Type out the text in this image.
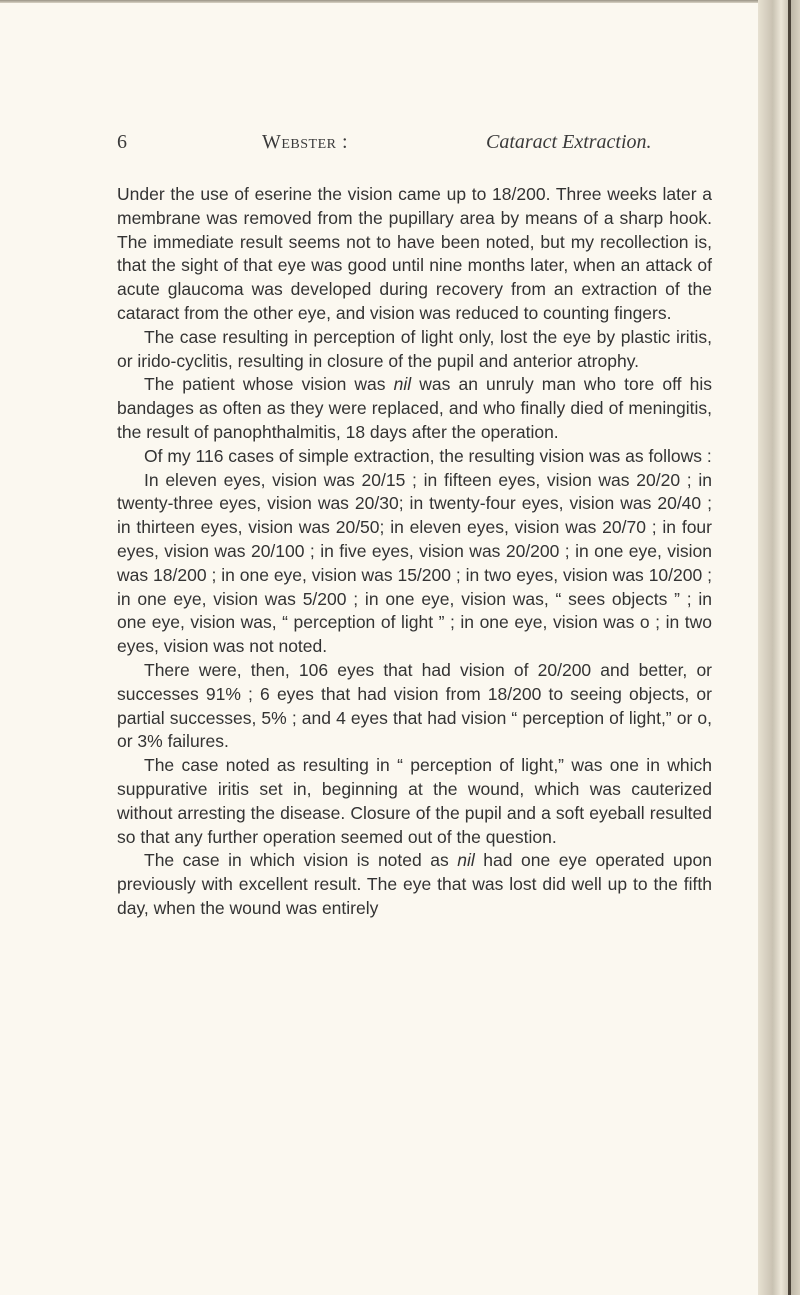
6	Webster :	Cataract Extraction.

Under the use of eserine the vision came up to 18/200. Three weeks later a membrane was removed from the pupillary area by means of a sharp hook. The immediate result seems not to have been noted, but my recollection is, that the sight of that eye was good until nine months later, when an attack of acute glaucoma was developed during recovery from an extraction of the cataract from the other eye, and vision was reduced to counting fingers.

The case resulting in perception of light only, lost the eye by plastic iritis, or irido-cyclitis, resulting in closure of the pupil and anterior atrophy.

The patient whose vision was nil was an unruly man who tore off his bandages as often as they were replaced, and who finally died of meningitis, the result of panophthalmitis, 18 days after the operation.

Of my 116 cases of simple extraction, the resulting vision was as follows :

In eleven eyes, vision was 20/15 ; in fifteen eyes, vision was 20/20 ; in twenty-three eyes, vision was 20/30; in twenty-four eyes, vision was 20/40 ; in thirteen eyes, vision was 20/50; in eleven eyes, vision was 20/70 ; in four eyes, vision was 20/100 ; in five eyes, vision was 20/200 ; in one eye, vision was 18/200 ; in one eye, vision was 15/200 ; in two eyes, vision was 10/200 ; in one eye, vision was 5/200 ; in one eye, vision was, “ sees objects ” ; in one eye, vision was, “ perception of light ” ; in one eye, vision was o ; in two eyes, vision was not noted.

There were, then, 106 eyes that had vision of 20/200 and better, or successes 91% ; 6 eyes that had vision from 18/200 to seeing objects, or partial successes, 5% ; and 4 eyes that had vision “ perception of light,” or o, or 3% failures.

The case noted as resulting in “ perception of light,” was one in which suppurative iritis set in, beginning at the wound, which was cauterized without arresting the disease. Closure of the pupil and a soft eyeball resulted so that any further operation seemed out of the question.

The case in which vision is noted as nil had one eye operated upon previously with excellent result. The eye that was lost did well up to the fifth day, when the wound was entirely
